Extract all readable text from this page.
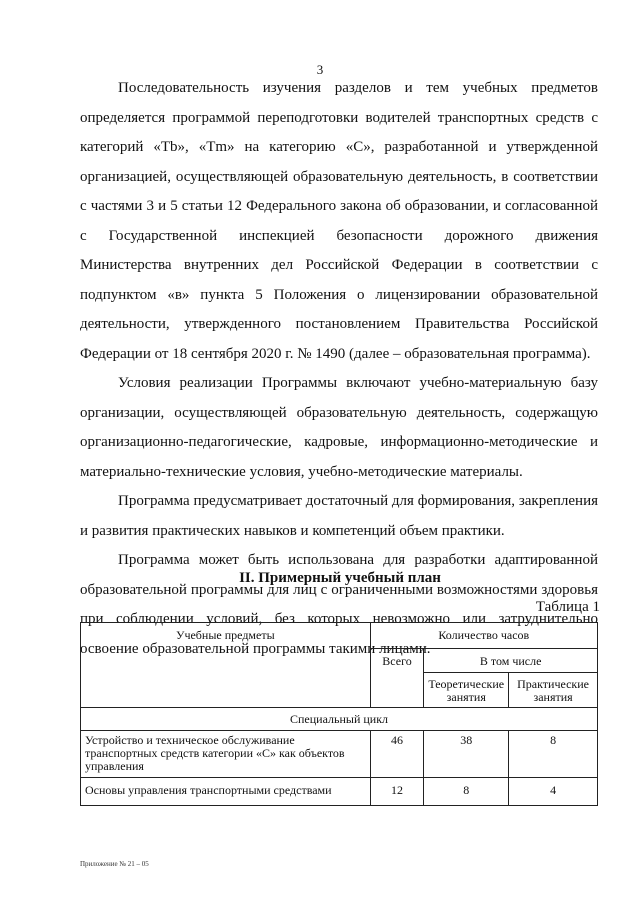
3

Последовательность изучения разделов и тем учебных предметов определяется программой переподготовки водителей транспортных средств с категорий «Tb», «Tm» на категорию «С», разработанной и утвержденной организацией, осуществляющей образовательную деятельность, в соответствии с частями 3 и 5 статьи 12 Федерального закона об образовании, и согласованной с Государственной инспекцией безопасности дорожного движения Министерства внутренних дел Российской Федерации в соответствии с подпунктом «в» пункта 5 Положения о лицензировании образовательной деятельности, утвержденного постановлением Правительства Российской Федерации от 18 сентября 2020 г. № 1490 (далее – образовательная программа).

Условия реализации Программы включают учебно-материальную базу организации, осуществляющей образовательную деятельность, содержащую организационно-педагогические, кадровые, информационно-методические и материально-технические условия, учебно-методические материалы.

Программа предусматривает достаточный для формирования, закрепления и развития практических навыков и компетенций объем практики.

Программа может быть использована для разработки адаптированной образовательной программы для лиц с ограниченными возможностями здоровья при соблюдении условий, без которых невозможно или затруднительно освоение образовательной программы такими лицами.

II. Примерный учебный план
Таблица 1
Учебные предметы	Количество часов		
	Всего	В том числе	
		Теоретические занятия	Практические занятия
Специальный цикл			
Устройство и техническое обслуживание транспортных средств категории «С» как объектов управления	46	38	8
Основы управления транспортными средствами	12	8	4
Приложение № 21 – 05
